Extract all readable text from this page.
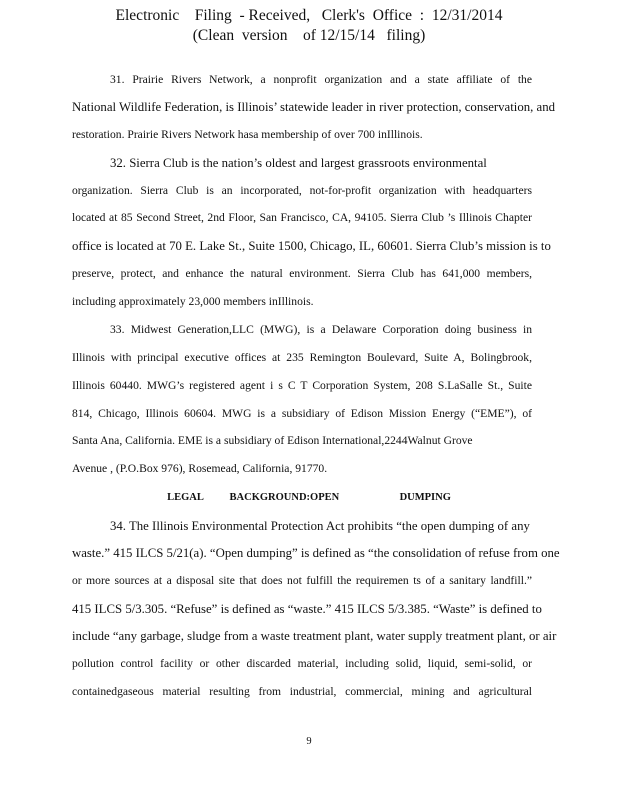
Electronic    Filing  - Received,   Clerk's  Office  :  12/31/2014
(Clean  version    of 12/15/14   filing)
31. Prairie Rivers Network, a nonprofit organization and a state affiliate of the
National Wildlife Federation, is Illinois’ statewide leader in river protection, conservation, and
restoration. Prairie Rivers Network hasa membership of over 700 inIllinois.
32. Sierra Club is the nation’s oldest and largest grassroots environmental
organization. Sierra Club is an incorporated, not-for-profit organization with headquarters
located at 85 Second Street, 2nd Floor, San Francisco, CA, 94105. Sierra Club ’s Illinois Chapter
office is located at 70 E. Lake St., Suite 1500, Chicago, IL, 60601. Sierra Club’s mission is to
preserve, protect, and enhance the natural environment. Sierra Club has 641,000 members,
including approximately 23,000 members inIllinois.
33. Midwest Generation,LLC (MWG), is a Delaware Corporation doing business in
Illinois with principal executive offices at 235 Remington Boulevard, Suite A, Bolingbrook,
Illinois 60440. MWG’s registered agent i s C T Corporation System, 208 S.LaSalle St., Suite
814, Chicago, Illinois 60604. MWG is a subsidiary of Edison Mission Energy (“EME”), of
Santa Ana, California. EME is a subsidiary of Edison International,2244Walnut Grove
Avenue , (P.O.Box 976), Rosemead, California, 91770.
34. The Illinois Environmental Protection Act prohibits “the open dumping of any
waste.” 415 ILCS 5/21(a). “Open dumping” is defined as “the consolidation of refuse from one
or more sources at a disposal site that does not fulfill the requiremen ts of a sanitary landfill.”
415 ILCS 5/3.305. “Refuse” is defined as “waste.” 415 ILCS 5/3.385. “Waste” is defined to
include “any garbage, sludge from a waste treatment plant, water supply treatment plant, or air
pollution control facility or other discarded material, including solid, liquid, semi-solid, or
containedgaseous material resulting from industrial, commercial, mining and agricultural
LEGAL          BACKGROUND:OPEN                       DUMPING
9
